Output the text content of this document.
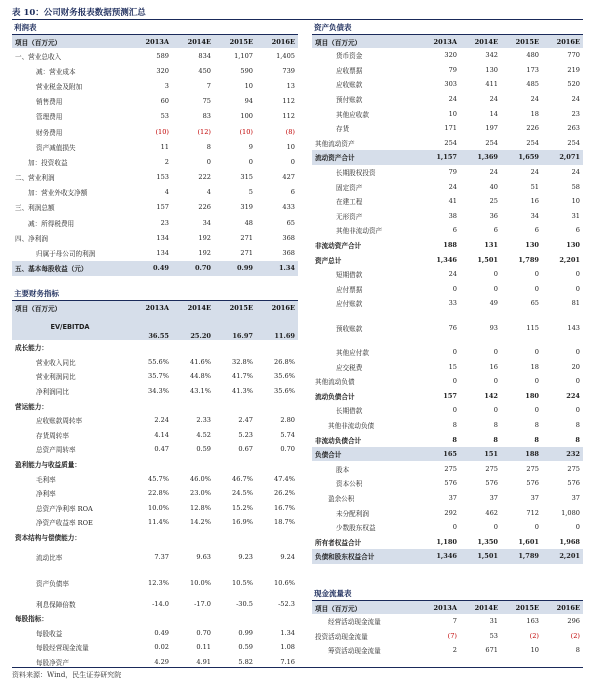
表 10：公司财务报表数据预测汇总
利润表
项目（百万元）	2013A	2014E	2015E	2016E
一、营业总收入	589	834	1,107	1,405
减：营业成本	320	450	590	739
营业税金及附加	3	7	10	13
销售费用	60	75	94	112
管理费用	53	83	100	112
财务费用	(10)	(12)	(10)	(8)
资产减值损失	11	8	9	10
加：投资收益	2	0	0	0
二、营业利润	153	222	315	427
加：营业外收支净额	4	4	5	6
三、利润总额	157	226	319	433
减：所得税费用	23	34	48	65
四、净利润	134	192	271	368
归属于母公司的利润	134	192	271	368
五、基本每股收益（元）	0.49	0.70	0.99	1.34
主要财务指标
项目（百万元）	2013A	2014E	2015E	2016E
EV/EBITDA	36.55	25.20	16.97	11.69
成长能力：				
营业收入同比	55.6%	41.6%	32.8%	26.8%
营业利润同比	35.7%	44.8%	41.7%	35.6%
净利润同比	34.3%	43.1%	41.3%	35.6%
营运能力：				
应收账款周转率	2.24	2.33	2.47	2.80
存货周转率	4.14	4.52	5.23	5.74
总资产周转率	0.47	0.59	0.67	0.70
盈利能力与收益质量：				
毛利率	45.7%	46.0%	46.7%	47.4%
净利率	22.8%	23.0%	24.5%	26.2%
总资产净利率 ROA	10.0%	12.8%	15.2%	16.7%
净资产收益率 ROE	11.4%	14.2%	16.9%	18.7%
资本结构与偿债能力：				
流动比率	7.37	9.63	9.23	9.24
资产负债率	12.3%	10.0%	10.5%	10.6%
利息保障倍数	-14.0	-17.0	-30.5	-52.3
每股指标：				
每股收益	0.49	0.70	0.99	1.34
每股经营现金流量	0.02	0.11	0.59	1.08
每股净资产	4.29	4.91	5.82	7.16
资产负债表
项目（百万元）	2013A	2014E	2015E	2016E
货币资金	320	342	480	770
应收票据	79	130	173	219
应收账款	303	411	485	520
预付账款	24	24	24	24
其他应收款	10	14	18	23
存货	171	197	226	263
其他流动资产	254	254	254	254
流动资产合计	1,157	1,369	1,659	2,071
长期股权投资	79	24	24	24
固定资产	24	40	51	58
在建工程	41	25	16	10
无形资产	38	36	34	31
其他非流动资产	6	6	6	6
非流动资产合计	188	131	130	130
资产总计	1,346	1,501	1,789	2,201
短期借款	24	0	0	0
应付票据	0	0	0	0
应付账款	33	49	65	81
预收账款	76	93	115	143
其他应付款	0	0	0	0
应交税费	15	16	18	20
其他流动负债	0	0	0	0
流动负债合计	157	142	180	224
长期借款	0	0	0	0
其他非流动负债	8	8	8	8
非流动负债合计	8	8	8	8
负债合计	165	151	188	232
股本	275	275	275	275
资本公积	576	576	576	576
盈余公积	37	37	37	37
未分配利润	292	462	712	1,080
少数股东权益	0	0	0	0
所有者权益合计	1,180	1,350	1,601	1,968
负债和股东权益合计	1,346	1,501	1,789	2,201
现金流量表
项目（百万元）	2013A	2014E	2015E	2016E
经营活动现金流量	7	31	163	296
投资活动现金流量	(7)	53	(2)	(2)
筹资活动现金流量	2	671	10	8
资料来源：Wind，民生证券研究院
